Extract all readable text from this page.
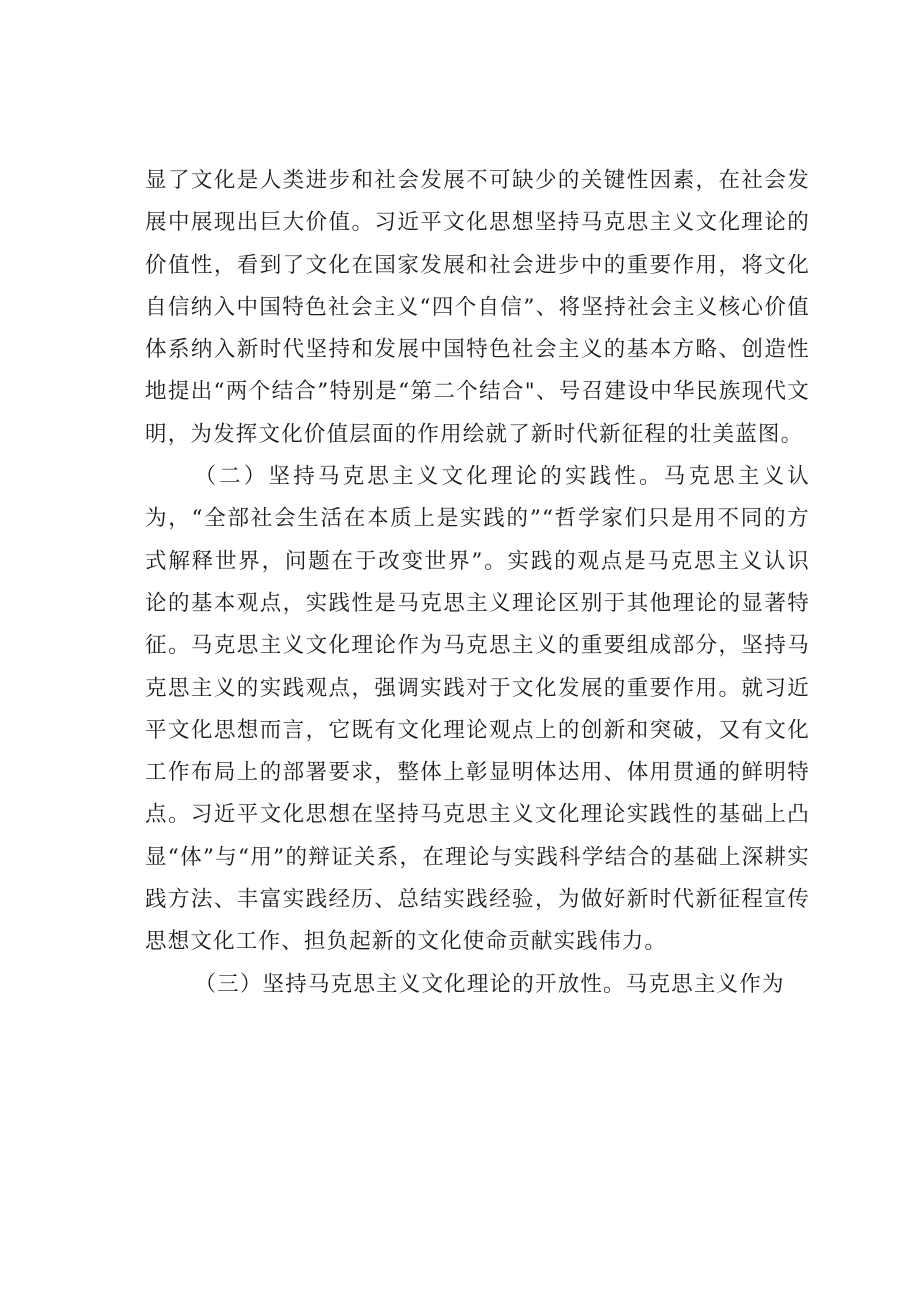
显了文化是人类进步和社会发展不可缺少的关键性因素，在社会发展中展现出巨大价值。习近平文化思想坚持马克思主义文化理论的价值性，看到了文化在国家发展和社会进步中的重要作用，将文化自信纳入中国特色社会主义“四个自信”、将坚持社会主义核心价值体系纳入新时代坚持和发展中国特色社会主义的基本方略、创造性地提出“两个结合”特别是“第二个结合"、号召建设中华民族现代文明，为发挥文化价值层面的作用绘就了新时代新征程的壮美蓝图。

（二）坚持马克思主义文化理论的实践性。马克思主义认为，“全部社会生活在本质上是实践的”“哲学家们只是用不同的方式解释世界，问题在于改变世界”。实践的观点是马克思主义认识论的基本观点，实践性是马克思主义理论区别于其他理论的显著特征。马克思主义文化理论作为马克思主义的重要组成部分，坚持马克思主义的实践观点，强调实践对于文化发展的重要作用。就习近平文化思想而言，它既有文化理论观点上的创新和突破，又有文化工作布局上的部署要求，整体上彰显明体达用、体用贯通的鲜明特点。习近平文化思想在坚持马克思主义文化理论实践性的基础上凸显“体”与“用”的辩证关系，在理论与实践科学结合的基础上深耕实践方法、丰富实践经历、总结实践经验，为做好新时代新征程宣传思想文化工作、担负起新的文化使命贡献实践伟力。

（三）坚持马克思主义文化理论的开放性。马克思主义作为
